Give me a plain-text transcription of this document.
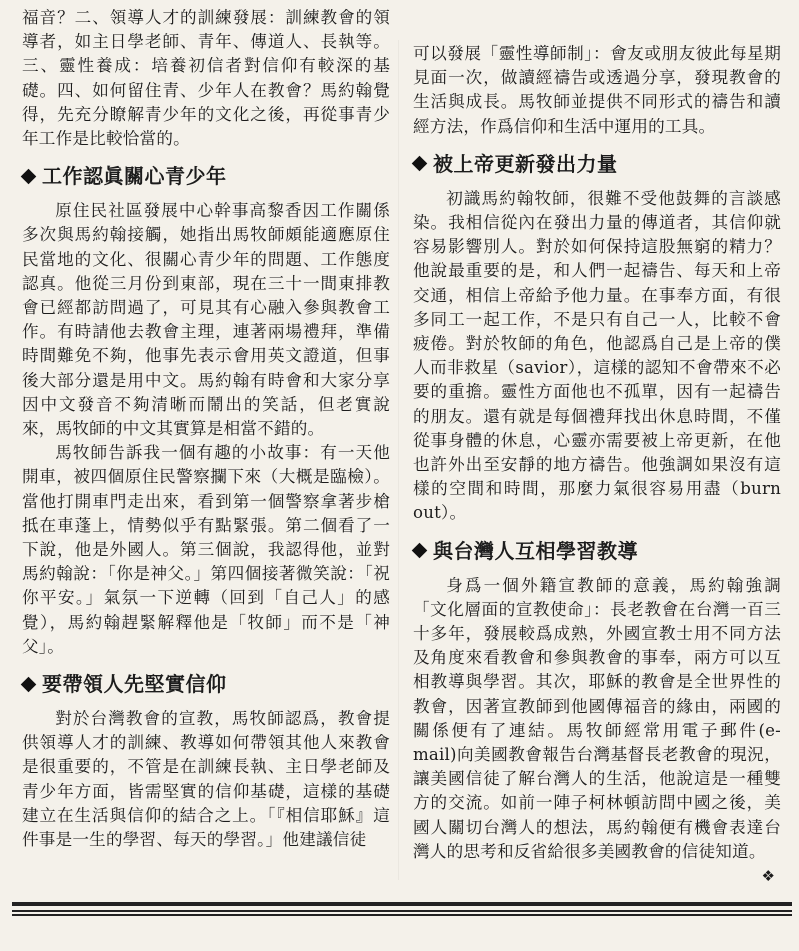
福音？二、領導人才的訓練發展：訓練教會的領導者，如主日學老師、青年、傳道人、長執等。三、靈性養成：培養初信者對信仰有較深的基礎。四、如何留住青、少年人在教會？馬約翰覺得，先充分瞭解青少年的文化之後，再從事青少年工作是比較恰當的。

工作認眞關心青少年

原住民社區發展中心幹事高黎香因工作關係多次與馬約翰接觸，她指出馬牧師頗能適應原住民當地的文化、很關心青少年的問題、工作態度認真。他從三月份到東部，現在三十一間東排教會已經都訪問過了，可見其有心融入參與教會工作。有時請他去教會主理，連著兩場禮拜，準備時間難免不夠，他事先表示會用英文證道，但事後大部分還是用中文。馬約翰有時會和大家分享因中文發音不夠清晰而鬧出的笑話，但老實說來，馬牧師的中文其實算是相當不錯的。

馬牧師告訴我一個有趣的小故事：有一天他開車，被四個原住民警察攔下來（大概是臨檢）。當他打開車門走出來，看到第一個警察拿著步槍抵在車蓬上，情勢似乎有點緊張。第二個看了一下說，他是外國人。第三個說，我認得他，並對馬約翰說：「你是神父。」第四個接著微笑說：「祝你平安。」氣氛一下逆轉（回到「自己人」的感覺），馬約翰趕緊解釋他是「牧師」而不是「神父」。

要帶領人先堅實信仰

對於台灣教會的宣教，馬牧師認爲，教會提供領導人才的訓練、教導如何帶領其他人來教會是很重要的，不管是在訓練長執、主日學老師及青少年方面，皆需堅實的信仰基礎，這樣的基礎建立在生活與信仰的結合之上。「『相信耶穌』這件事是一生的學習、每天的學習。」他建議信徒

可以發展「靈性導師制」：會友或朋友彼此每星期見面一次，做讀經禱告或透過分享，發現教會的生活與成長。馬牧師並提供不同形式的禱告和讀經方法，作爲信仰和生活中運用的工具。

被上帝更新發出力量

初識馬約翰牧師，很難不受他鼓舞的言談感染。我相信從內在發出力量的傳道者，其信仰就容易影響別人。對於如何保持這股無窮的精力？他說最重要的是，和人們一起禱告、每天和上帝交通，相信上帝給予他力量。在事奉方面，有很多同工一起工作，不是只有自己一人，比較不會疲倦。對於牧師的角色，他認爲自己是上帝的僕人而非救星（savior），這樣的認知不會帶來不必要的重擔。靈性方面他也不孤單，因有一起禱告的朋友。還有就是每個禮拜找出休息時間，不僅從事身體的休息，心靈亦需要被上帝更新，在他也許外出至安靜的地方禱告。他強調如果沒有這樣的空間和時間，那麼力氣很容易用盡（burn out）。

與台灣人互相學習教導

身爲一個外籍宣教師的意義，馬約翰強調「文化層面的宣教使命」：長老教會在台灣一百三十多年，發展較爲成熟，外國宣教士用不同方法及角度來看教會和參與教會的事奉，兩方可以互相教導與學習。其次，耶穌的教會是全世界性的教會，因著宣教師到他國傳福音的緣由，兩國的關係便有了連結。馬牧師經常用電子郵件(e-mail)向美國教會報告台灣基督長老教會的現況，讓美國信徒了解台灣人的生活，他說這是一種雙方的交流。如前一陣子柯林頓訪問中國之後，美國人關切台灣人的想法，馬約翰便有機會表達台灣人的思考和反省給很多美國教會的信徒知道。
❖
